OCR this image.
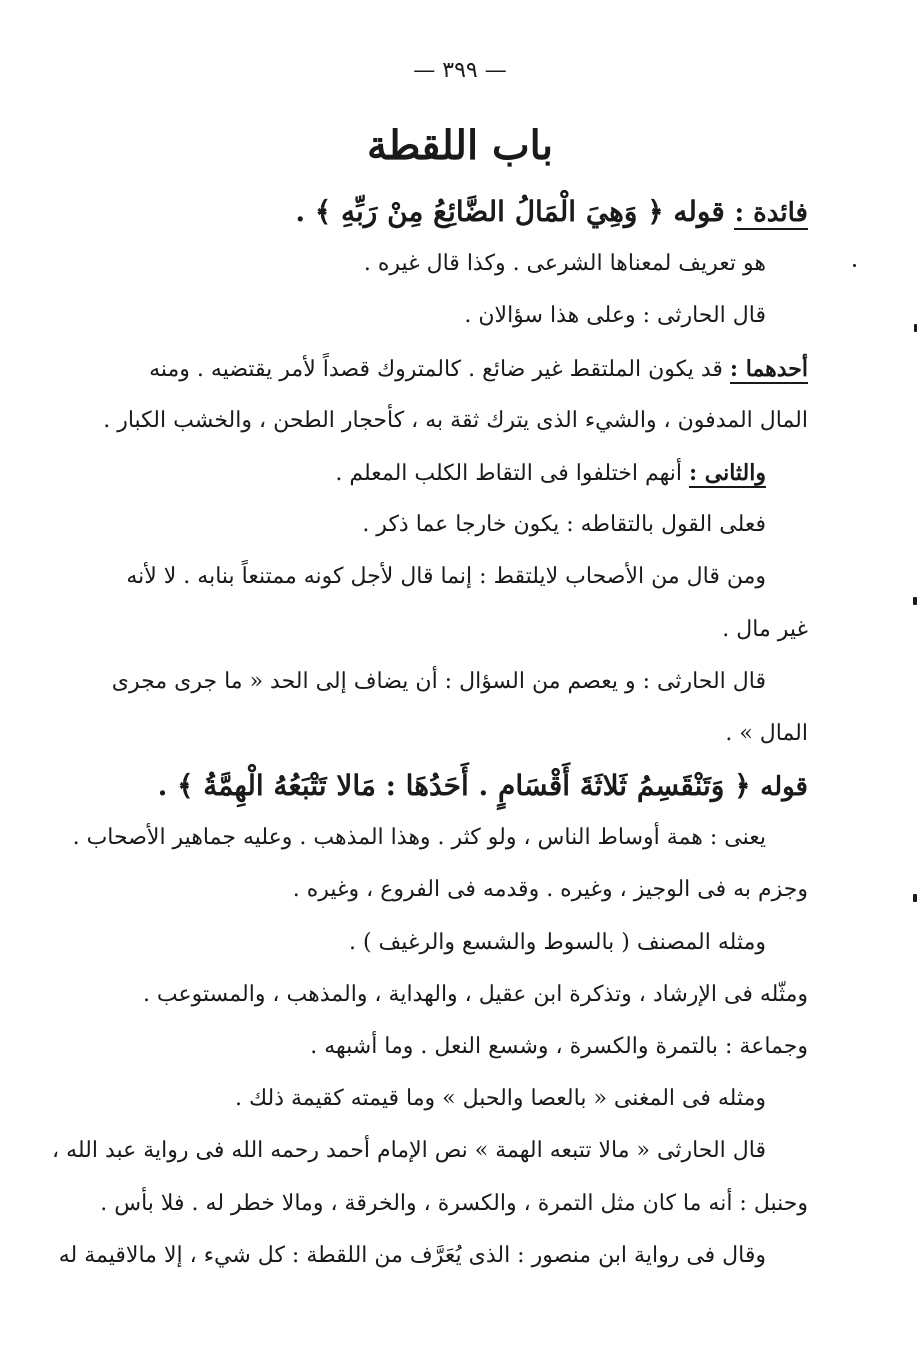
— ٣٩٩ —
باب اللقطة
فائدة : قوله ﴿ وَهِيَ الْمَالُ الضَّائِعُ مِنْ رَبِّهِ ﴾ .
هو تعريف لمعناها الشرعى . وكذا قال غيره .
قال الحارثى : وعلى هذا سؤالان .
أحدهما : قد يكون الملتقط غير ضائع . كالمتروك قصداً لأمر يقتضيه . ومنه
المال المدفون ، والشيء الذى يترك ثقة به ، كأحجار الطحن ، والخشب الكبار .
والثانى : أنهم اختلفوا فى التقاط الكلب المعلم .
فعلى القول بالتقاطه : يكون خارجا عما ذكر .
ومن قال من الأصحاب لايلتقط : إنما قال لأجل كونه ممتنعاً بنابه . لا لأنه
غير مال .
قال الحارثى : و يعصم من السؤال : أن يضاف إلى الحد « ما جرى مجرى
المال » .
قوله ﴿ وَتَنْقَسِمُ ثَلاثَةَ أَقْسَامٍ . أَحَدُهَا : مَالا تَتْبَعُهُ الْهِمَّةُ ﴾ .
يعنى : همة أوساط الناس ، ولو كثر . وهذا المذهب . وعليه جماهير الأصحاب .
وجزم به فى الوجيز ، وغيره . وقدمه فى الفروع ، وغيره .
ومثله المصنف ( بالسوط والشسع والرغيف ) .
ومثّله فى الإرشاد ، وتذكرة ابن عقيل ، والهداية ، والمذهب ، والمستوعب .
وجماعة : بالتمرة والكسرة ، وشسع النعل . وما أشبهه .
ومثله فى المغنى « بالعصا والحبل » وما قيمته كقيمة ذلك .
قال الحارثى « مالا تتبعه الهمة » نص الإمام أحمد رحمه الله فى رواية عبد الله ،
وحنبل : أنه ما كان مثل التمرة ، والكسرة ، والخرقة ، ومالا خطر له . فلا بأس .
وقال فى رواية ابن منصور : الذى يُعَرَّف من اللقطة : كل شيء ، إلا مالاقيمة له
